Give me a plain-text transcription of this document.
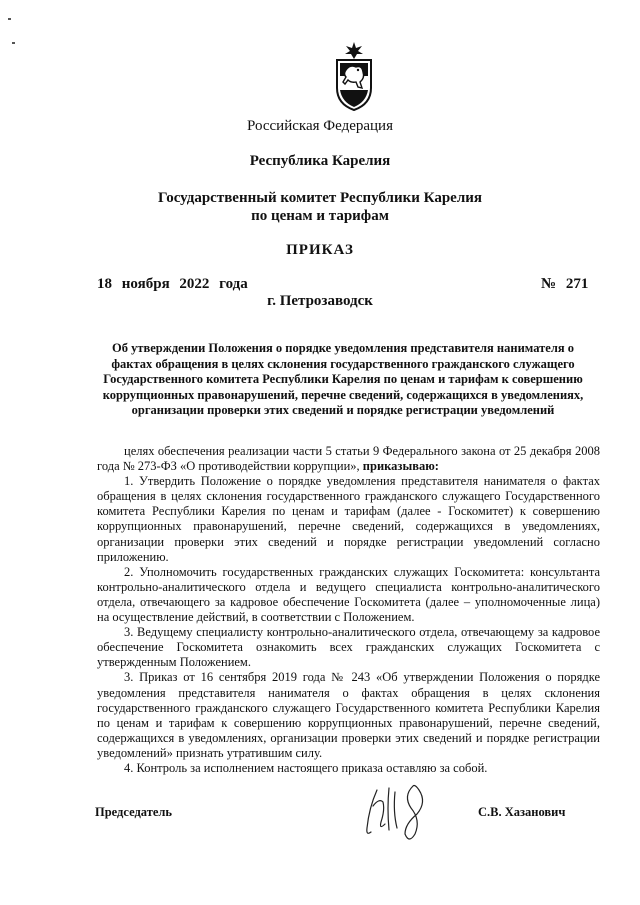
Российская Федерация
Республика Карелия
Государственный комитет Республики Карелия
по ценам и тарифам
ПРИКАЗ
18 ноября 2022 года	№ 271
г. Петрозаводск
Об утверждении Положения о порядке уведомления представителя нанимателя о фактах обращения в целях склонения государственного гражданского служащего Государственного комитета Республики Карелия по ценам и тарифам к совершению коррупционных правонарушений, перечне сведений, содержащихся в уведомлениях, организации проверки этих сведений и порядке регистрации уведомлений

целях обеспечения реализации части 5 статьи 9 Федерального закона от 25 декабря 2008 года № 273-ФЗ «О противодействии коррупции», приказываю:

1. Утвердить Положение о порядке уведомления представителя нанимателя о фактах обращения в целях склонения государственного гражданского служащего Государственного комитета Республики Карелия по ценам и тарифам (далее - Госкомитет) к совершению коррупционных правонарушений, перечне сведений, содержащихся в уведомлениях, организации проверки этих сведений и порядке регистрации уведомлений согласно приложению.

2. Уполномочить государственных гражданских служащих Госкомитета: консультанта контрольно-аналитического отдела и ведущего специалиста контрольно-аналитического отдела, отвечающего за кадровое обеспечение Госкомитета (далее – уполномоченные лица) на осуществление действий, в соответствии с Положением.

3. Ведущему специалисту контрольно-аналитического отдела, отвечающему за кадровое обеспечение Госкомитета ознакомить всех гражданских служащих Госкомитета с утвержденным Положением.

3. Приказ от 16 сентября 2019 года № 243 «Об утверждении Положения о порядке уведомления представителя нанимателя о фактах обращения в целях склонения государственного гражданского служащего Государственного комитета Республики Карелия по ценам и тарифам к совершению коррупционных правонарушений, перечне сведений, содержащихся в уведомлениях, организации проверки этих сведений и порядке регистрации уведомлений» признать утратившим силу.

4. Контроль за исполнением настоящего приказа оставляю за собой.

Председатель	С.В. Хазанович
